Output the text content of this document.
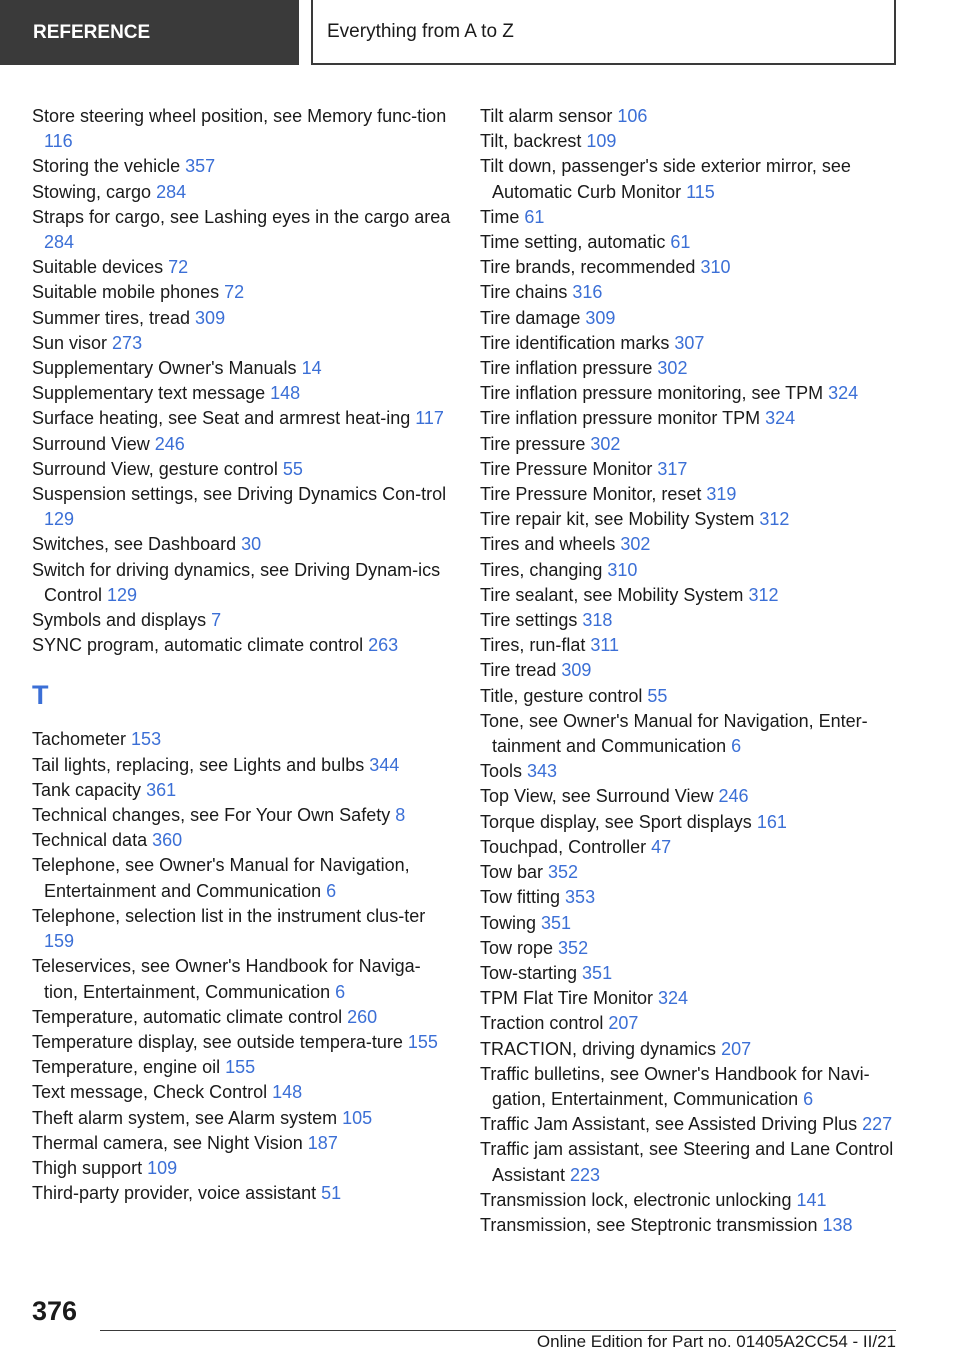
REFERENCE	Everything from A to Z
Store steering wheel position, see Memory func-tion 116
Storing the vehicle 357
Stowing, cargo 284
Straps for cargo, see Lashing eyes in the cargo area 284
Suitable devices 72
Suitable mobile phones 72
Summer tires, tread 309
Sun visor 273
Supplementary Owner's Manuals 14
Supplementary text message 148
Surface heating, see Seat and armrest heat-ing 117
Surround View 246
Surround View, gesture control 55
Suspension settings, see Driving Dynamics Con-trol 129
Switches, see Dashboard 30
Switch for driving dynamics, see Driving Dynam-ics Control 129
Symbols and displays 7
SYNC program, automatic climate control 263
T
Tachometer 153
Tail lights, replacing, see Lights and bulbs 344
Tank capacity 361
Technical changes, see For Your Own Safety 8
Technical data 360
Telephone, see Owner's Manual for Navigation, Entertainment and Communication 6
Telephone, selection list in the instrument clus-ter 159
Teleservices, see Owner's Handbook for Naviga-tion, Entertainment, Communication 6
Temperature, automatic climate control 260
Temperature display, see outside tempera-ture 155
Temperature, engine oil 155
Text message, Check Control 148
Theft alarm system, see Alarm system 105
Thermal camera, see Night Vision 187
Thigh support 109
Third-party provider, voice assistant 51
Tilt alarm sensor 106
Tilt, backrest 109
Tilt down, passenger's side exterior mirror, see Automatic Curb Monitor 115
Time 61
Time setting, automatic 61
Tire brands, recommended 310
Tire chains 316
Tire damage 309
Tire identification marks 307
Tire inflation pressure 302
Tire inflation pressure monitoring, see TPM 324
Tire inflation pressure monitor TPM 324
Tire pressure 302
Tire Pressure Monitor 317
Tire Pressure Monitor, reset 319
Tire repair kit, see Mobility System 312
Tires and wheels 302
Tires, changing 310
Tire sealant, see Mobility System 312
Tire settings 318
Tires, run-flat 311
Tire tread 309
Title, gesture control 55
Tone, see Owner's Manual for Navigation, Enter-tainment and Communication 6
Tools 343
Top View, see Surround View 246
Torque display, see Sport displays 161
Touchpad, Controller 47
Tow bar 352
Tow fitting 353
Towing 351
Tow rope 352
Tow-starting 351
TPM Flat Tire Monitor 324
Traction control 207
TRACTION, driving dynamics 207
Traffic bulletins, see Owner's Handbook for Navi-gation, Entertainment, Communication 6
Traffic Jam Assistant, see Assisted Driving Plus 227
Traffic jam assistant, see Steering and Lane Control Assistant 223
Transmission lock, electronic unlocking 141
Transmission, see Steptronic transmission 138
376
Online Edition for Part no. 01405A2CC54 - II/21
